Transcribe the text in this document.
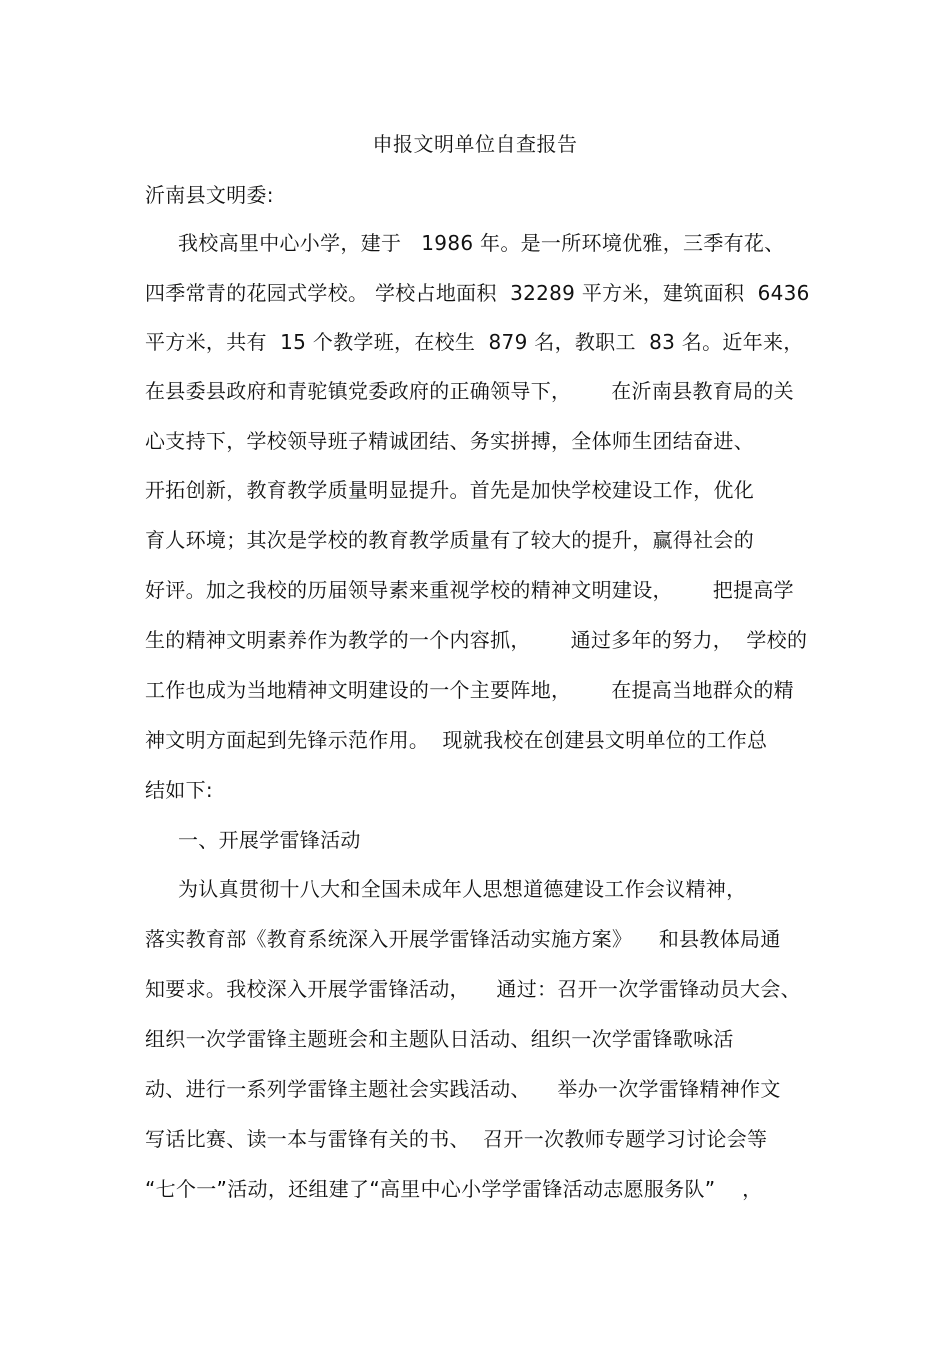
申报文明单位自查报告
沂南县文明委:
我校高里中心小学，建于   1986 年。是一所环境优雅，三季有花、
四季常青的花园式学校。 学校占地面积  32289 平方米，建筑面积  6436
平方米，共有  15 个教学班，在校生  879 名，教职工  83 名。近年来，
在县委县政府和青驼镇党委政府的正确领导下，      在沂南县教育局的关
心支持下，学校领导班子精诚团结、务实拼搏，全体师生团结奋进、
开拓创新，教育教学质量明显提升。首先是加快学校建设工作，优化
育人环境；其次是学校的教育教学质量有了较大的提升，赢得社会的
好评。加之我校的历届领导素来重视学校的精神文明建设，      把提高学
生的精神文明素养作为教学的一个内容抓，      通过多年的努力，  学校的
工作也成为当地精神文明建设的一个主要阵地，      在提高当地群众的精
神文明方面起到先锋示范作用。  现就我校在创建县文明单位的工作总
结如下:
一、开展学雷锋活动
为认真贯彻十八大和全国未成年人思想道德建设工作会议精神，
落实教育部《教育系统深入开展学雷锋活动实施方案》    和县教体局通
知要求。我校深入开展学雷锋活动，    通过：召开一次学雷锋动员大会、
组织一次学雷锋主题班会和主题队日活动、组织一次学雷锋歌咏活
动、进行一系列学雷锋主题社会实践活动、    举办一次学雷锋精神作文
写话比赛、读一本与雷锋有关的书、  召开一次教师专题学习讨论会等
“七个一”活动，还组建了“高里中心小学学雷锋活动志愿服务队”    ，
